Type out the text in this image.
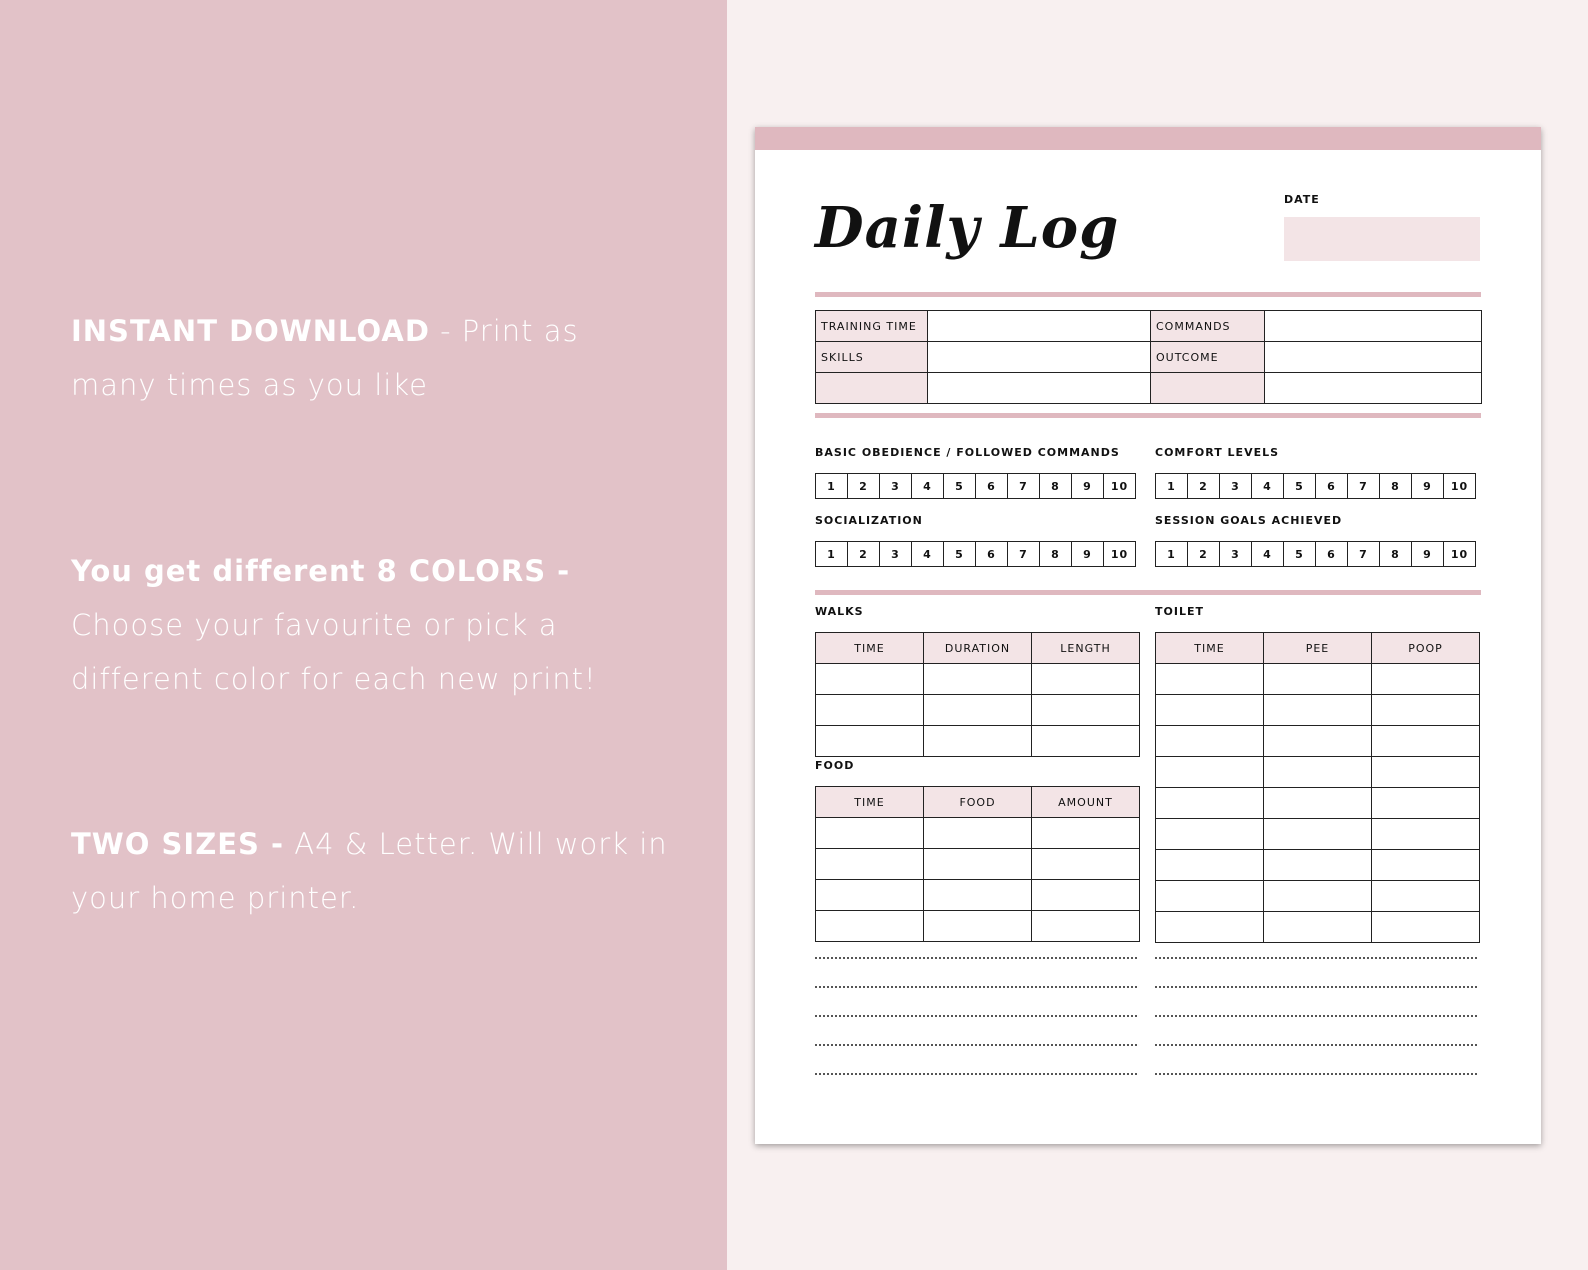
INSTANT DOWNLOAD - Print as many times as you like

You get different 8 COLORS - Choose your favourite or pick a different color for each new print!

TWO SIZES - A4 & Letter. Will work in your home printer.

Daily Log	DATE
TRAINING TIME		COMMANDS	
SKILLS		OUTCOME	

BASIC OBEDIENCE / FOLLOWED COMMANDS	COMFORT LEVELS
1	2	3	4	5	6	7	8	9	10	1	2	3	4	5	6	7	8	9	10
SOCIALIZATION	SESSION GOALS ACHIEVED
1	2	3	4	5	6	7	8	9	10	1	2	3	4	5	6	7	8	9	10
WALKS
TIME	DURATION	LENGTH

TOILET
TIME	PEE	POOP

FOOD
TIME	FOOD	AMOUNT
